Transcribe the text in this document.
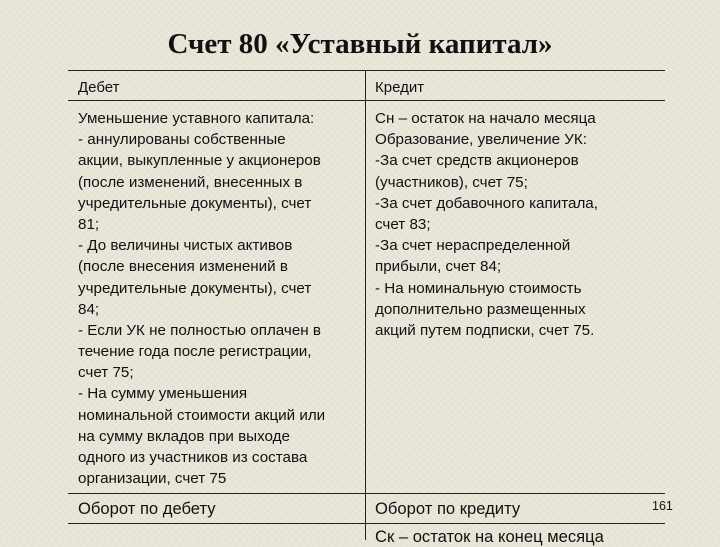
Счет 80 «Уставный капитал»
Дебет	Кредит
Уменьшение уставного капитала:
- аннулированы собственные
акции, выкупленные у акционеров
(после изменений, внесенных в
учредительные документы), счет
81;
- До величины чистых активов
(после внесения изменений в
учредительные документы), счет
84;
- Если УК не полностью оплачен в
течение года после регистрации,
счет 75;
- На сумму уменьшения
номинальной стоимости акций или
на сумму вкладов при выходе
одного из участников из состава
организации, счет 75
Сн – остаток на начало месяца
Образование, увеличение УК:
-За счет средств акционеров
(участников), счет 75;
-За счет добавочного капитала,
счет 83;
-За счет нераспределенной
прибыли, счет 84;
- На номинальную стоимость
дополнительно размещенных
акций путем подписки, счет 75.
Оборот по дебету	Оборот по кредиту
Ск – остаток на конец месяца
161
